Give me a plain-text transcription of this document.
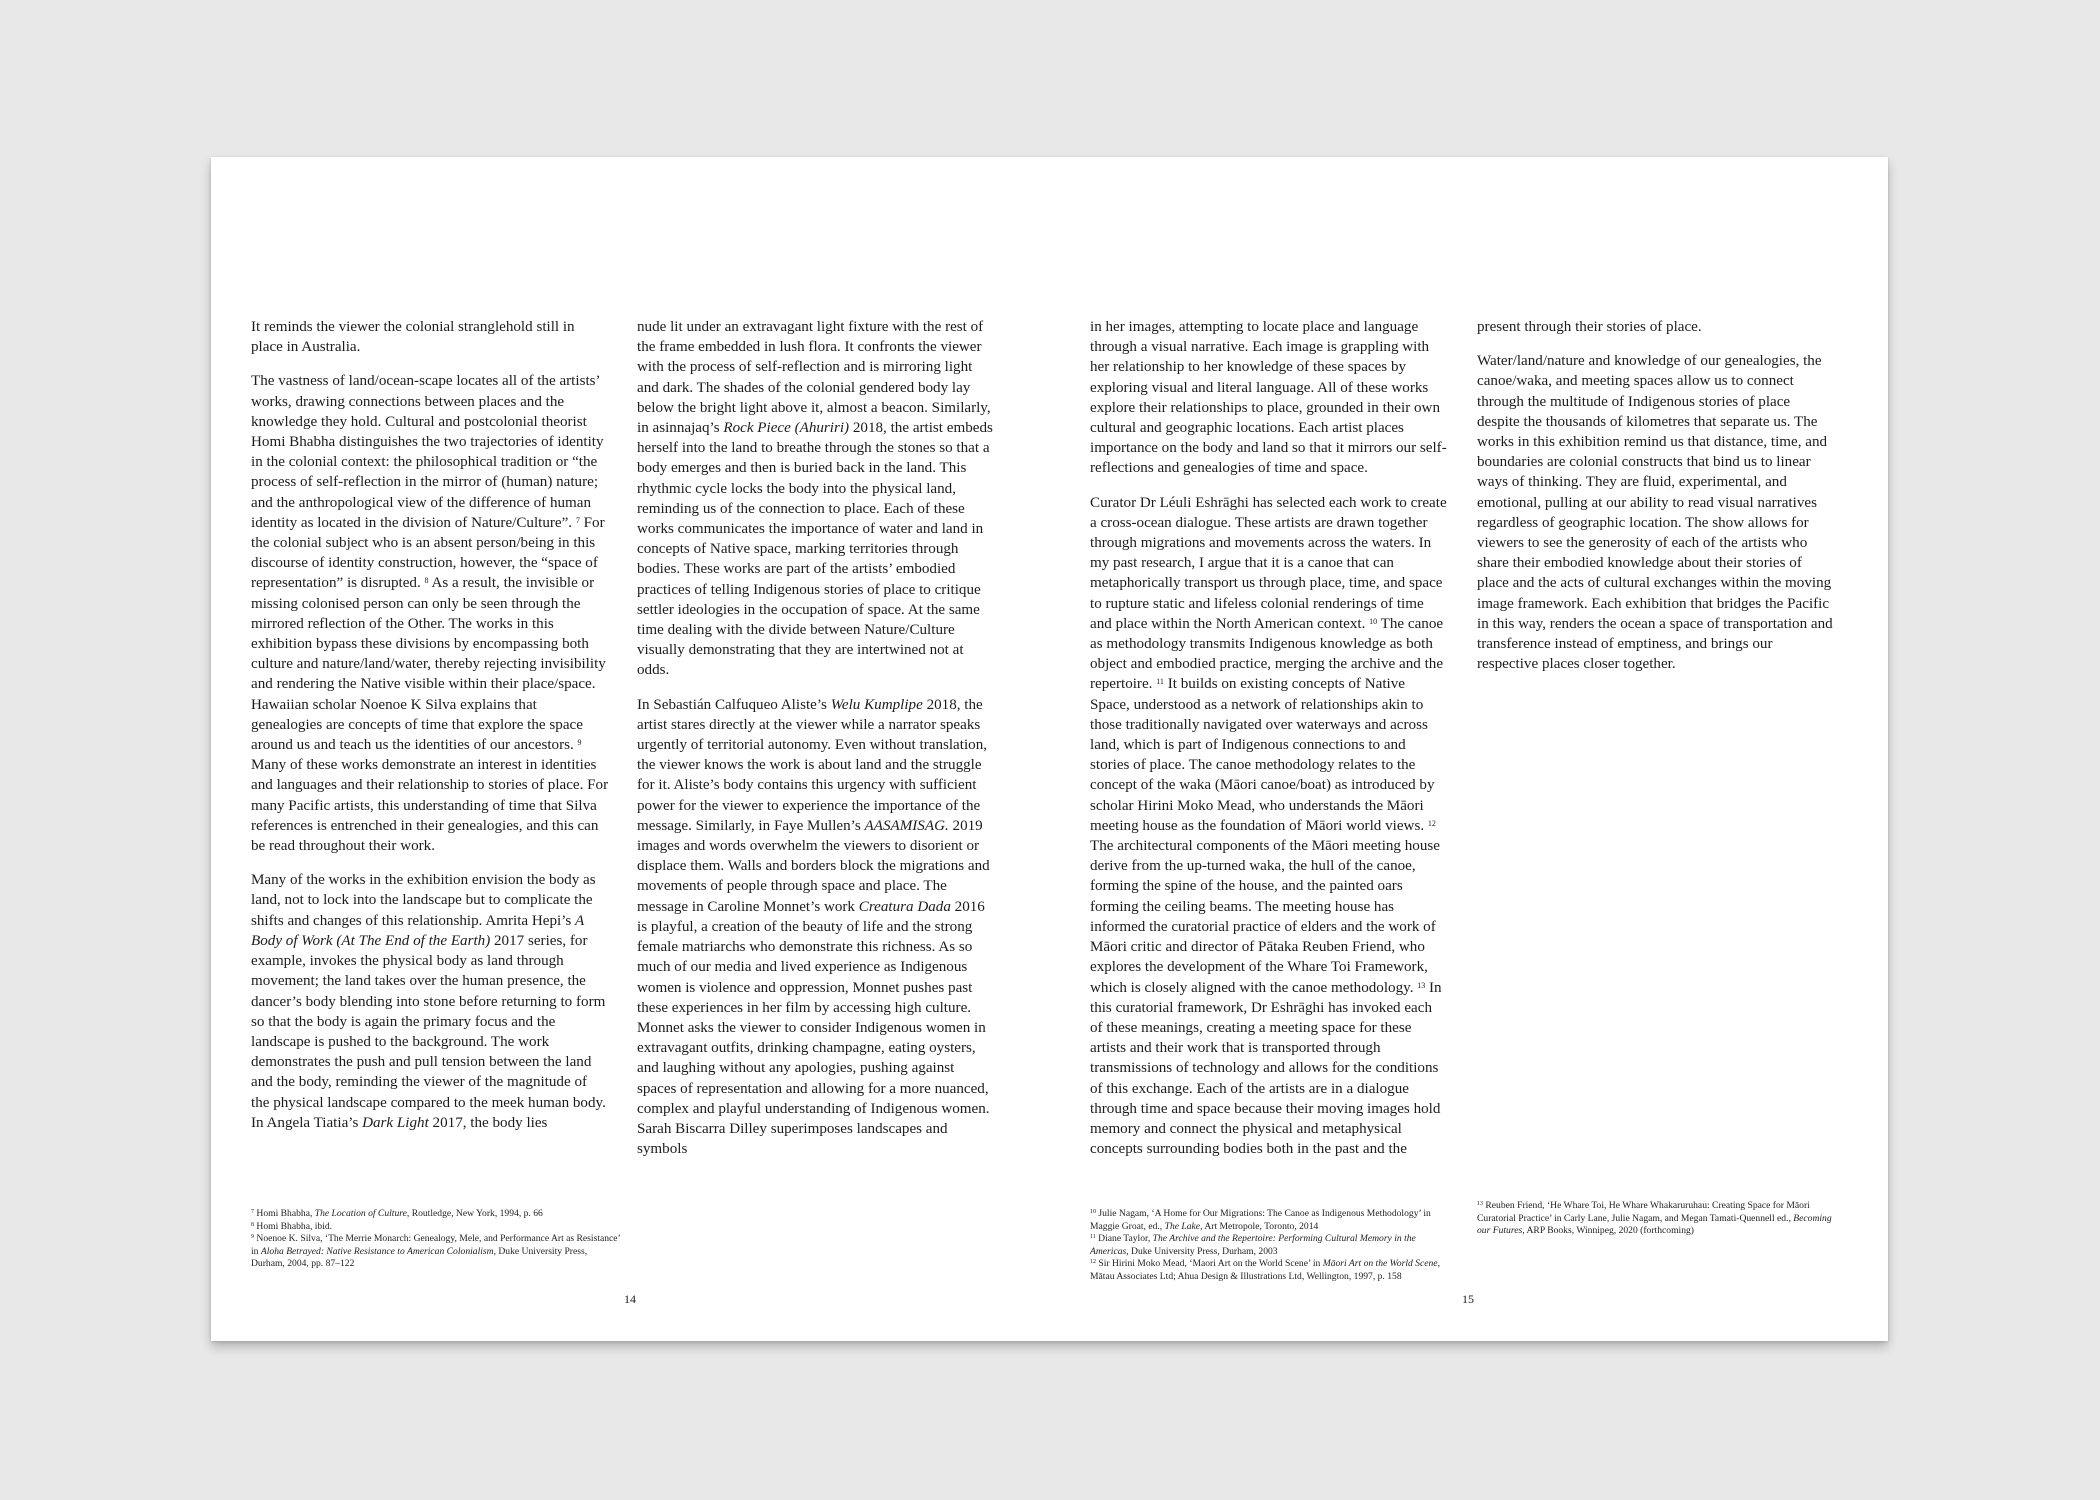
It reminds the viewer the colonial stranglehold still in place in Australia.

The vastness of land/ocean-scape locates all of the artists’ works, drawing connections between places and the knowledge they hold. Cultural and postcolonial theorist Homi Bhabha distinguishes the two trajectories of identity in the colonial context: the philosophical tradition or “the process of self-reflection in the mirror of (human) nature; and the anthropological view of the difference of human identity as located in the division of Nature/Culture”. $^7$ For the colonial subject who is an absent person/being in this discourse of identity construction, however, the “space of representation” is disrupted. $^8$ As a result, the invisible or missing colonised person can only be seen through the mirrored reflection of the Other. The works in this exhibition bypass these divisions by encompassing both culture and nature/land/water, thereby rejecting invisibility and rendering the Native visible within their place/space. Hawaiian scholar Noenoe K Silva explains that genealogies are concepts of time that explore the space around us and teach us the identities of our ancestors. $^9$ Many of these works demonstrate an interest in identities and languages and their relationship to stories of place. For many Pacific artists, this understanding of time that Silva references is entrenched in their genealogies, and this can be read throughout their work.

Many of the works in the exhibition envision the body as land, not to lock into the landscape but to complicate the shifts and changes of this relationship. Amrita Hepi’s A Body of Work (At The End of the Earth) 2017 series, for example, invokes the physical body as land through movement; the land takes over the human presence, the dancer’s body blending into stone before returning to form so that the body is again the primary focus and the landscape is pushed to the background. The work demonstrates the push and pull tension between the land and the body, reminding the viewer of the magnitude of the physical landscape compared to the meek human body. In Angela Tiatia’s Dark Light 2017, the body lies

nude lit under an extravagant light fixture with the rest of the frame embedded in lush flora. It confronts the viewer with the process of self-reflection and is mirroring light and dark. The shades of the colonial gendered body lay below the bright light above it, almost a beacon. Similarly, in asinnajaq’s Rock Piece (Ahuriri) 2018, the artist embeds herself into the land to breathe through the stones so that a body emerges and then is buried back in the land. This rhythmic cycle locks the body into the physical land, reminding us of the connection to place. Each of these works communicates the importance of water and land in concepts of Native space, marking territories through bodies. These works are part of the artists’ embodied practices of telling Indigenous stories of place to critique settler ideologies in the occupation of space. At the same time dealing with the divide between Nature/Culture visually demonstrating that they are intertwined not at odds.

In Sebastián Calfuqueo Aliste’s Welu Kumplipe 2018, the artist stares directly at the viewer while a narrator speaks urgently of territorial autonomy. Even without translation, the viewer knows the work is about land and the struggle for it. Aliste’s body contains this urgency with sufficient power for the viewer to experience the importance of the message. Similarly, in Faye Mullen’s AASAMISAG. 2019 images and words overwhelm the viewers to disorient or displace them. Walls and borders block the migrations and movements of people through space and place. The message in Caroline Monnet’s work Creatura Dada 2016 is playful, a creation of the beauty of life and the strong female matriarchs who demonstrate this richness. As so much of our media and lived experience as Indigenous women is violence and oppression, Monnet pushes past these experiences in her film by accessing high culture. Monnet asks the viewer to consider Indigenous women in extravagant outfits, drinking champagne, eating oysters, and laughing without any apologies, pushing against spaces of representation and allowing for a more nuanced, complex and playful understanding of Indigenous women. Sarah Biscarra Dilley superimposes landscapes and symbols

in her images, attempting to locate place and language through a visual narrative. Each image is grappling with her relationship to her knowledge of these spaces by exploring visual and literal language. All of these works explore their relationships to place, grounded in their own cultural and geographic locations. Each artist places importance on the body and land so that it mirrors our self-reflections and genealogies of time and space.

Curator Dr Léuli Eshrāghi has selected each work to create a cross-ocean dialogue. These artists are drawn together through migrations and movements across the waters. In my past research, I argue that it is a canoe that can metaphorically transport us through place, time, and space to rupture static and lifeless colonial renderings of time and place within the North American context. $^{10}$ The canoe as methodology transmits Indigenous knowledge as both object and embodied practice, merging the archive and the repertoire. $^{11}$ It builds on existing concepts of Native Space, understood as a network of relationships akin to those traditionally navigated over waterways and across land, which is part of Indigenous connections to and stories of place. The canoe methodology relates to the concept of the waka (Māori canoe/boat) as introduced by scholar Hirini Moko Mead, who understands the Māori meeting house as the foundation of Māori world views. $^{12}$ The architectural components of the Māori meeting house derive from the up-turned waka, the hull of the canoe, forming the spine of the house, and the painted oars forming the ceiling beams. The meeting house has informed the curatorial practice of elders and the work of Māori critic and director of Pātaka Reuben Friend, who explores the development of the Whare Toi Framework, which is closely aligned with the canoe methodology. $^{13}$ In this curatorial framework, Dr Eshrāghi has invoked each of these meanings, creating a meeting space for these artists and their work that is transported through transmissions of technology and allows for the conditions of this exchange. Each of the artists are in a dialogue through time and space because their moving images hold memory and connect the physical and metaphysical concepts surrounding bodies both in the past and the

present through their stories of place.

Water/land/nature and knowledge of our genealogies, the canoe/waka, and meeting spaces allow us to connect through the multitude of Indigenous stories of place despite the thousands of kilometres that separate us. The works in this exhibition remind us that distance, time, and boundaries are colonial constructs that bind us to linear ways of thinking. They are fluid, experimental, and emotional, pulling at our ability to read visual narratives regardless of geographic location. The show allows for viewers to see the generosity of each of the artists who share their embodied knowledge about their stories of place and the acts of cultural exchanges within the moving image framework. Each exhibition that bridges the Pacific in this way, renders the ocean a space of transportation and transference instead of emptiness, and brings our respective places closer together.

$^7$ Homi Bhabha, The Location of Culture, Routledge, New York, 1994, p. 66

$^8$ Homi Bhabha, ibid.

$^9$ Noenoe K. Silva, ‘The Merrie Monarch: Genealogy, Mele, and Performance Art as Resistance’ in Aloha Betrayed: Native Resistance to American Colonialism, Duke University Press, Durham, 2004, pp. 87–122

$^{10}$ Julie Nagam, ‘A Home for Our Migrations: The Canoe as Indigenous Methodology’ in Maggie Groat, ed., The Lake, Art Metropole, Toronto, 2014

$^{11}$ Diane Taylor, The Archive and the Repertoire: Performing Cultural Memory in the Americas, Duke University Press, Durham, 2003

$^{12}$ Sir Hirini Moko Mead, ‘Maori Art on the World Scene’ in Māori Art on the World Scene, Mātau Associates Ltd; Ahua Design & Illustrations Ltd, Wellington, 1997, p. 158

$^{13}$ Reuben Friend, ‘He Whare Toi, He Whare Whakaruruhau: Creating Space for Māori Curatorial Practice’ in Carly Lane, Julie Nagam, and Megan Tamati-Quennell ed., Becoming our Futures, ARP Books, Winnipeg, 2020 (forthcoming)

14	15
